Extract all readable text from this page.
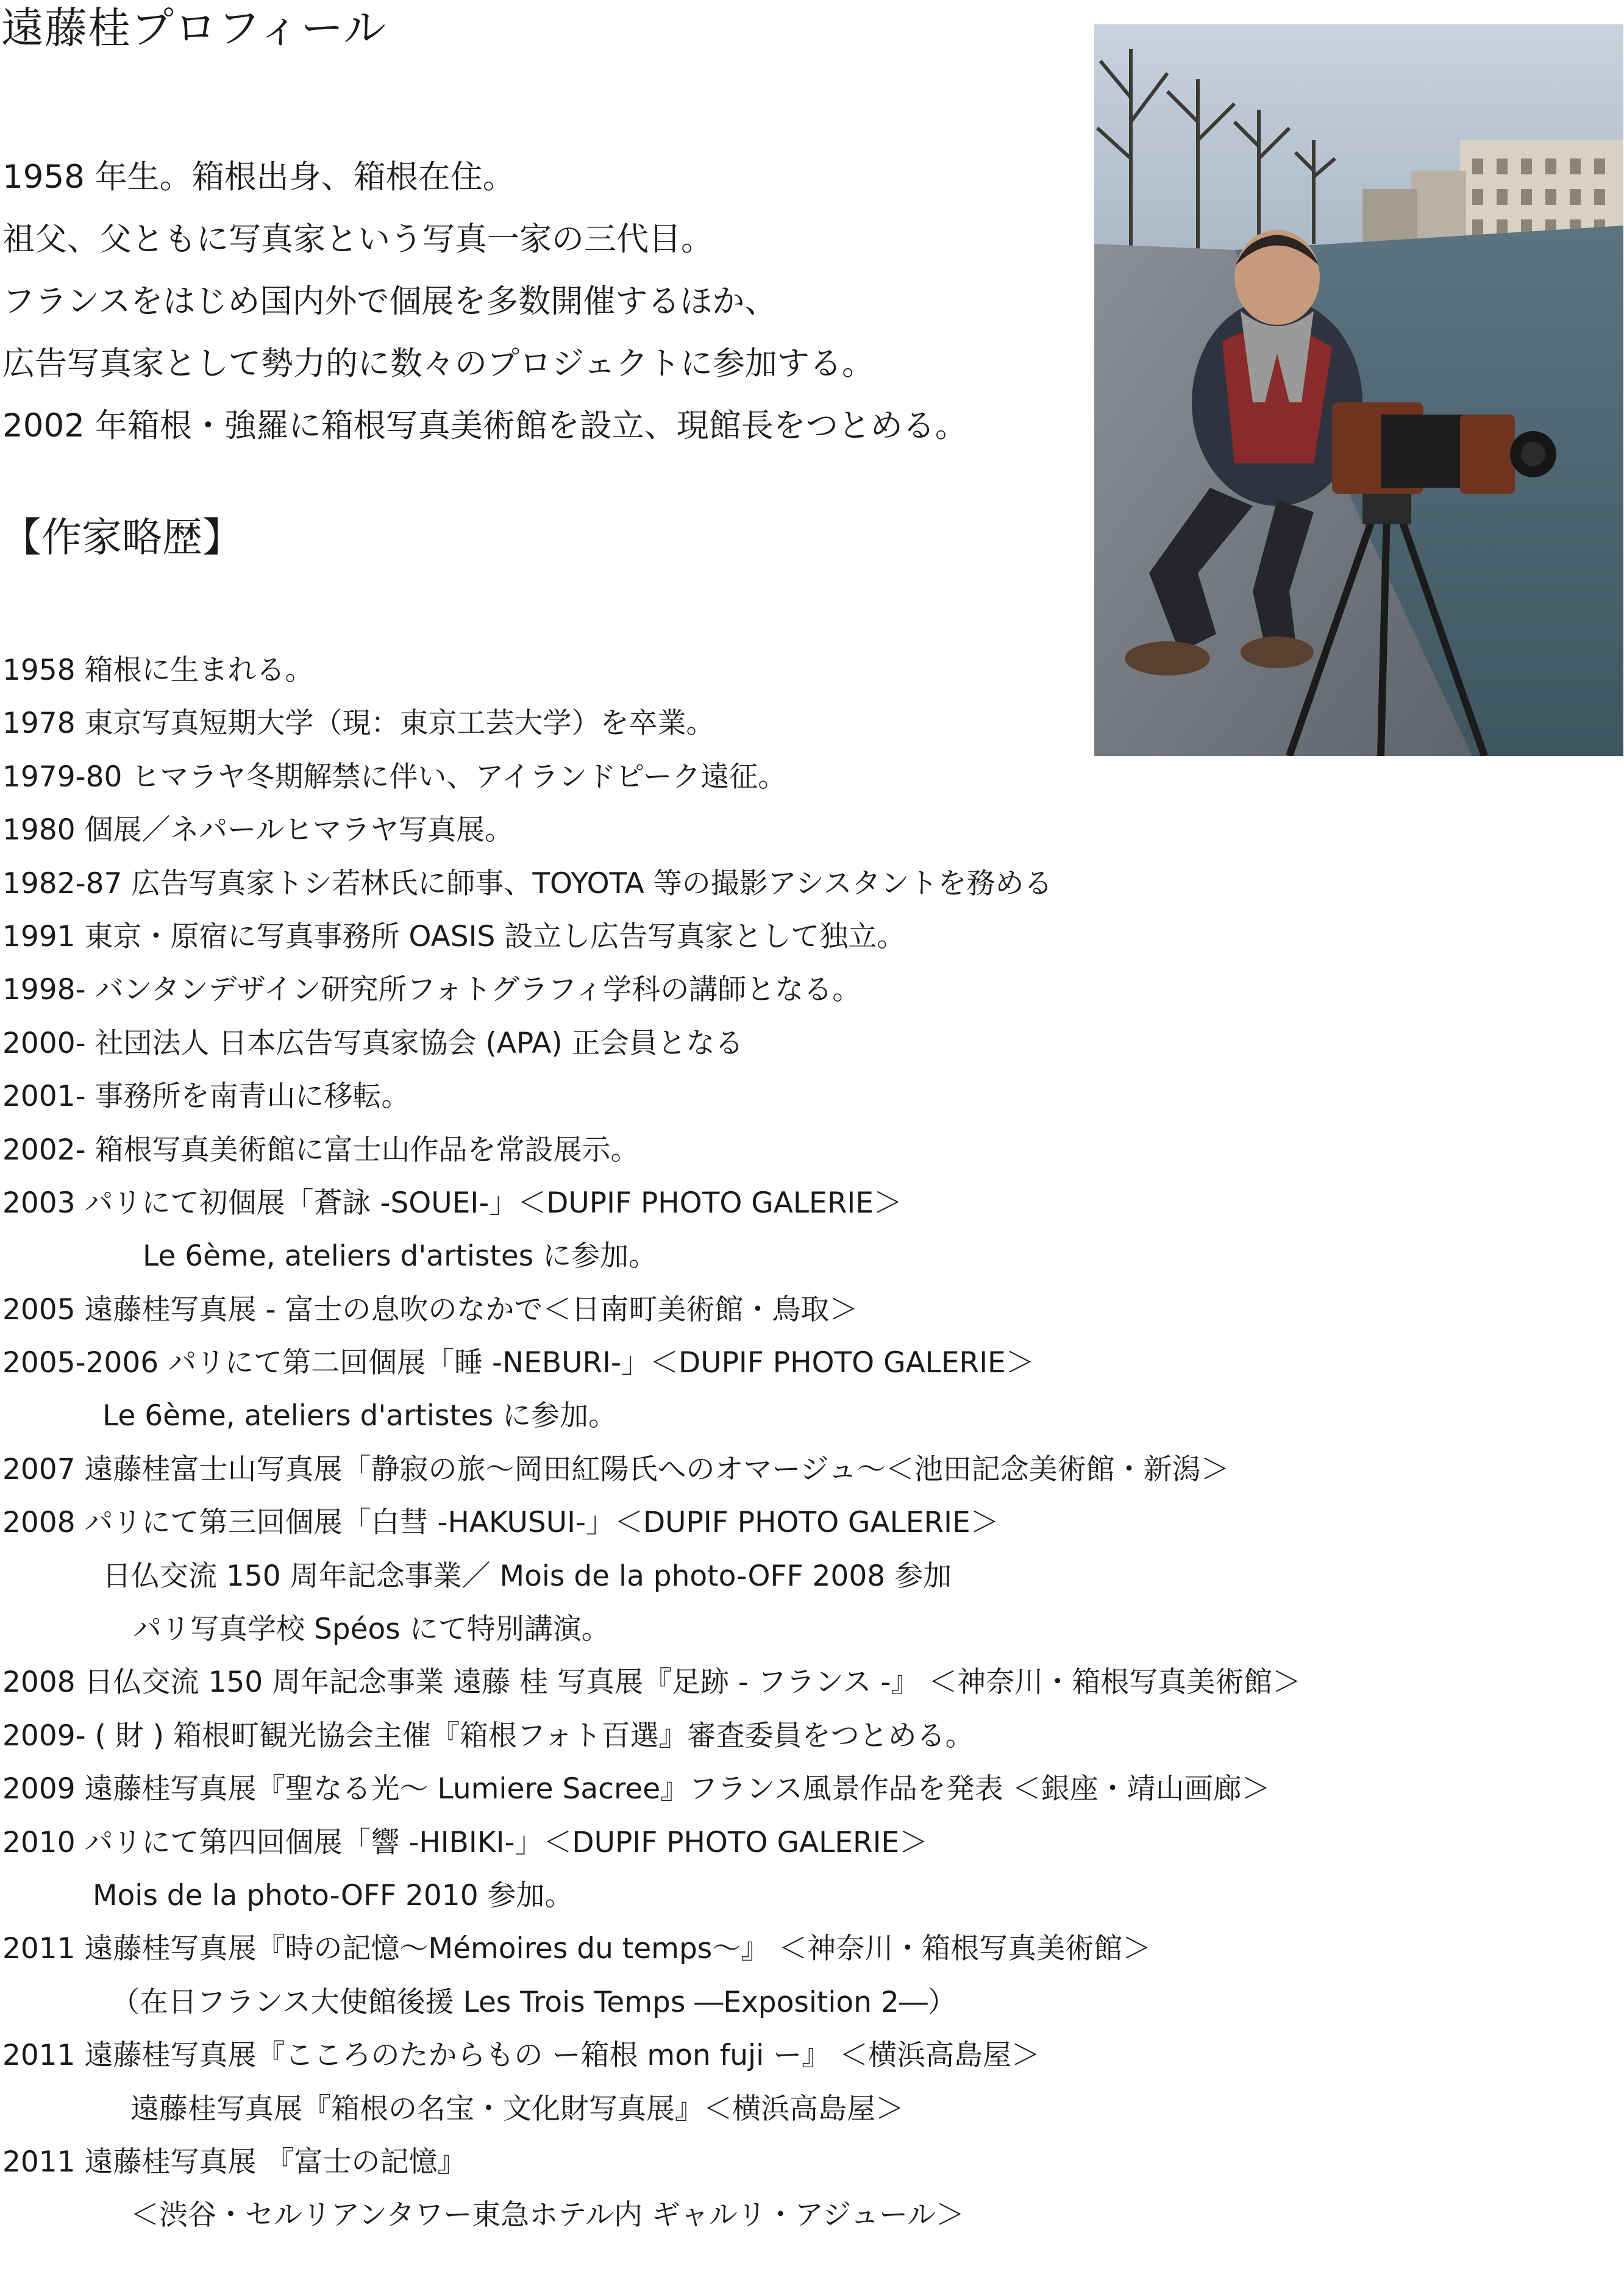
遠藤桂プロフィール
1958 年生。箱根出身、箱根在住。
祖父、父ともに写真家という写真一家の三代目。
フランスをはじめ国内外で個展を多数開催するほか、
広告写真家として勢力的に数々のプロジェクトに参加する。
2002 年箱根・強羅に箱根写真美術館を設立、現館長をつとめる。
【作家略歴】
1958 箱根に生まれる。
1978 東京写真短期大学（現：東京工芸大学）を卒業。
1979-80 ヒマラヤ冬期解禁に伴い、アイランドピーク遠征。
1980 個展／ネパールヒマラヤ写真展。
1982-87 広告写真家トシ若林氏に師事、TOYOTA 等の撮影アシスタントを務める
1991 東京・原宿に写真事務所 OASIS 設立し広告写真家として独立。
1998- バンタンデザイン研究所フォトグラフィ学科の講師となる。
2000- 社団法人 日本広告写真家協会 (APA) 正会員となる
2001- 事務所を南青山に移転。
2002- 箱根写真美術館に富士山作品を常設展示。
2003 パリにて初個展「蒼詠 -SOUEI-」＜DUPIF PHOTO GALERIE＞
Le 6ème, ateliers d'artistes に参加。
2005 遠藤桂写真展 - 富士の息吹のなかで＜日南町美術館・鳥取＞
2005-2006 パリにて第二回個展「睡 -NEBURI-」＜DUPIF PHOTO GALERIE＞
Le 6ème, ateliers d'artistes に参加。
2007 遠藤桂富士山写真展「静寂の旅〜岡田紅陽氏へのオマージュ〜＜池田記念美術館・新潟＞
2008 パリにて第三回個展「白彗 -HAKUSUI-」＜DUPIF PHOTO GALERIE＞
日仏交流 150 周年記念事業／ Mois de la photo-OFF 2008 参加
パリ写真学校 Spéos にて特別講演。
2008 日仏交流 150 周年記念事業 遠藤 桂 写真展『足跡 - フランス -』 ＜神奈川・箱根写真美術館＞
2009- ( 財 ) 箱根町観光協会主催『箱根フォト百選』審査委員をつとめる。
2009 遠藤桂写真展『聖なる光〜 Lumiere Sacree』フランス風景作品を発表 ＜銀座・靖山画廊＞
2010 パリにて第四回個展「響 -HIBIKI-」＜DUPIF PHOTO GALERIE＞
Mois de la photo-OFF 2010 参加。
2011 遠藤桂写真展『時の記憶〜Mémoires du temps〜』 ＜神奈川・箱根写真美術館＞
（在日フランス大使館後援 Les Trois Temps ―Exposition 2―）
2011 遠藤桂写真展『こころのたからもの ー箱根 mon fuji ー』 ＜横浜高島屋＞
遠藤桂写真展『箱根の名宝・文化財写真展』＜横浜高島屋＞
2011 遠藤桂写真展 『富士の記憶』
＜渋谷・セルリアンタワー東急ホテル内 ギャルリ・アジュール＞
